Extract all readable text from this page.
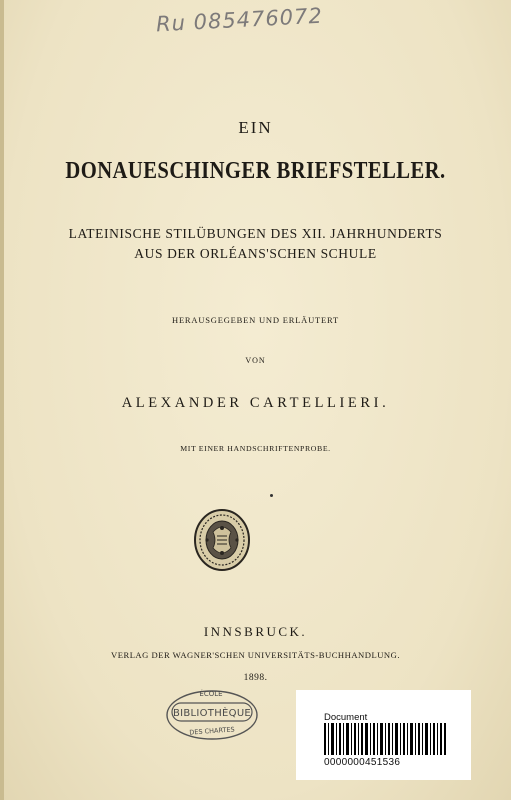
Ru 085476072
EIN
DONAUESCHINGER BRIEFSTELLER.
LATEINISCHE STILÜBUNGEN DES XII. JAHRHUNDERTS
AUS DER ORLÉANS'SCHEN SCHULE
HERAUSGEGEBEN UND ERLÄUTERT
VON
ALEXANDER CARTELLIERI.
MIT EINER HANDSCHRIFTENPROBE.
INNSBRUCK.
VERLAG DER WAGNER'SCHEN UNIVERSITÄTS-BUCHHANDLUNG.
1898.
ÉCOLE
BIBLIOTHÈQUE
DES CHARTES
Document
0000000451536
